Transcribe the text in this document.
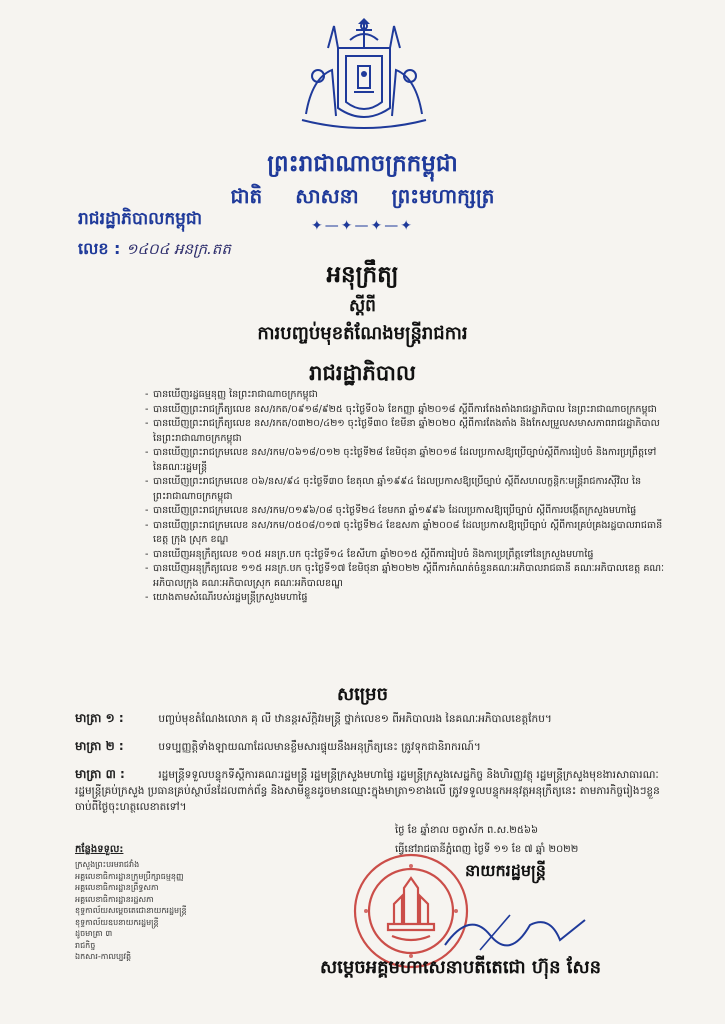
ព្រះរាជាណាចក្រកម្ពុជា
ជាតិ សាសនា ព្រះមហាក្សត្រ
✦—✦—✦—✦
រាជរដ្ឋាភិបាលកម្ពុជា
លេខ : ១៤០៤ អនក្រ.តត
អនុក្រឹត្យ
ស្តីពី
ការបញ្ចប់មុខតំណែងមន្ត្រីរាជការ
រាជរដ្ឋាភិបាល
- បានឃើញរដ្ឋធម្មនុញ្ញ នៃព្រះរាជាណាចក្រកម្ពុជា
- បានឃើញព្រះរាជក្រឹត្យលេខ នស/រកត/០៩១៨/៩២៥ ចុះថ្ងៃទី០៦ ខែកញ្ញា ឆ្នាំ២០១៨ ស្តីពីការតែងតាំងរាជរដ្ឋាភិបាល នៃព្រះរាជាណាចក្រកម្ពុជា
- បានឃើញព្រះរាជក្រឹត្យលេខ នស/រកត/០៣២០/៤២១ ចុះថ្ងៃទី៣០ ខែមីនា ឆ្នាំ២០២០ ស្តីពីការតែងតាំង និងកែសម្រួលសមាសភាពរាជរដ្ឋាភិបាល នៃព្រះរាជាណាចក្រកម្ពុជា
- បានឃើញព្រះរាជក្រមលេខ នស/រកម/០៦១៨/០១២ ចុះថ្ងៃទី២៨ ខែមិថុនា ឆ្នាំ២០១៨ ដែលប្រកាសឱ្យប្រើច្បាប់ស្តីពីការរៀបចំ និងការប្រព្រឹត្តទៅនៃគណៈរដ្ឋមន្ត្រី
- បានឃើញព្រះរាជក្រមលេខ ០៦/នស/៩៤ ចុះថ្ងៃទី៣០ ខែតុលា ឆ្នាំ១៩៩៤ ដែលប្រកាសឱ្យប្រើច្បាប់ ស្តីពីសហលក្ខន្តិកៈមន្ត្រីរាជការស៊ីវិល នៃព្រះរាជាណាចក្រកម្ពុជា
- បានឃើញព្រះរាជក្រមលេខ នស/រកម/០១៩៦/០៨ ចុះថ្ងៃទី២៤ ខែមករា ឆ្នាំ១៩៩៦ ដែលប្រកាសឱ្យប្រើច្បាប់ ស្តីពីការបង្កើតក្រសួងមហាផ្ទៃ
- បានឃើញព្រះរាជក្រមលេខ នស/រកម/០៥០៨/០១៧ ចុះថ្ងៃទី២៤ ខែឧសភា ឆ្នាំ២០០៨ ដែលប្រកាសឱ្យប្រើច្បាប់ ស្តីពីការគ្រប់គ្រងរដ្ឋបាលរាជធានី ខេត្ត ក្រុង ស្រុក ខណ្ឌ
- បានឃើញអនុក្រឹត្យលេខ ១០៥ អនក្រ.បក ចុះថ្ងៃទី១៤ ខែសីហា ឆ្នាំ២០១៥ ស្តីពីការរៀបចំ និងការប្រព្រឹត្តទៅនៃក្រសួងមហាផ្ទៃ
- បានឃើញអនុក្រឹត្យលេខ ១១៥ អនក្រ.បក ចុះថ្ងៃទី១៧ ខែមិថុនា ឆ្នាំ២០២២ ស្តីពីការកំណត់ចំនួនគណៈអភិបាលរាជធានី គណៈអភិបាលខេត្ត គណៈអភិបាលក្រុង គណៈអភិបាលស្រុក គណៈអភិបាលខណ្ឌ
- យោងតាមសំណើរបស់រដ្ឋមន្ត្រីក្រសួងមហាផ្ទៃ
សម្រេច
មាត្រា ១ :	បញ្ចប់មុខតំណែងលោក គុ លី ឋានន្តរស័ក្តិវរមន្ត្រី ថ្នាក់លេខ១ ពីអភិបាលរង នៃគណៈអភិបាលខេត្តកែប។
មាត្រា ២ :	បទប្បញ្ញត្តិទាំងឡាយណាដែលមានខ្លឹមសារផ្ទុយនឹងអនុក្រឹត្យនេះ ត្រូវទុកជានិរាករណ៍។
មាត្រា ៣ :	រដ្ឋមន្ត្រីទទួលបន្ទុកទីស្តីការគណៈរដ្ឋមន្ត្រី រដ្ឋមន្ត្រីក្រសួងមហាផ្ទៃ រដ្ឋមន្ត្រីក្រសួងសេដ្ឋកិច្ច និងហិរញ្ញវត្ថុ រដ្ឋមន្ត្រីក្រសួងមុខងារសាធារណៈ រដ្ឋមន្ត្រីគ្រប់ក្រសួង ប្រធានគ្រប់ស្ថាប័នដែលពាក់ព័ន្ធ និងសាមីខ្លួនដូចមានឈ្មោះក្នុងមាត្រា១ខាងលើ ត្រូវទទួលបន្ទុកអនុវត្តអនុក្រឹត្យនេះ តាមភារកិច្ចរៀងៗខ្លួនចាប់ពីថ្ងៃចុះហត្ថលេខាតទៅ។
ថ្ងៃ ខែ ឆ្នាំខាល ចត្វាស័ក ព.ស.២៥៦៦
ធ្វើនៅរាជធានីភ្នំពេញ ថ្ងៃទី ១១ ខែ ៧ ឆ្នាំ ២០២២
កន្លែងទទួល:
ក្រសួងព្រះបរមរាជវាំង
អគ្គលេខាធិការដ្ឋានក្រុមប្រឹក្សាធម្មនុញ្ញ
អគ្គលេខាធិការដ្ឋានព្រឹទ្ធសភា
អគ្គលេខាធិការដ្ឋានរដ្ឋសភា
ខុទ្ទកាល័យសម្តេចតេជោនាយករដ្ឋមន្ត្រី
ខុទ្ទកាល័យឧបនាយករដ្ឋមន្ត្រី
ដូចមាត្រា ៣
រាជកិច្ច
ឯកសារ-កាលប្បវត្តិ
នាយករដ្ឋមន្ត្រី
សម្តេចអគ្គមហាសេនាបតីតេជោ ហ៊ុន សែន
